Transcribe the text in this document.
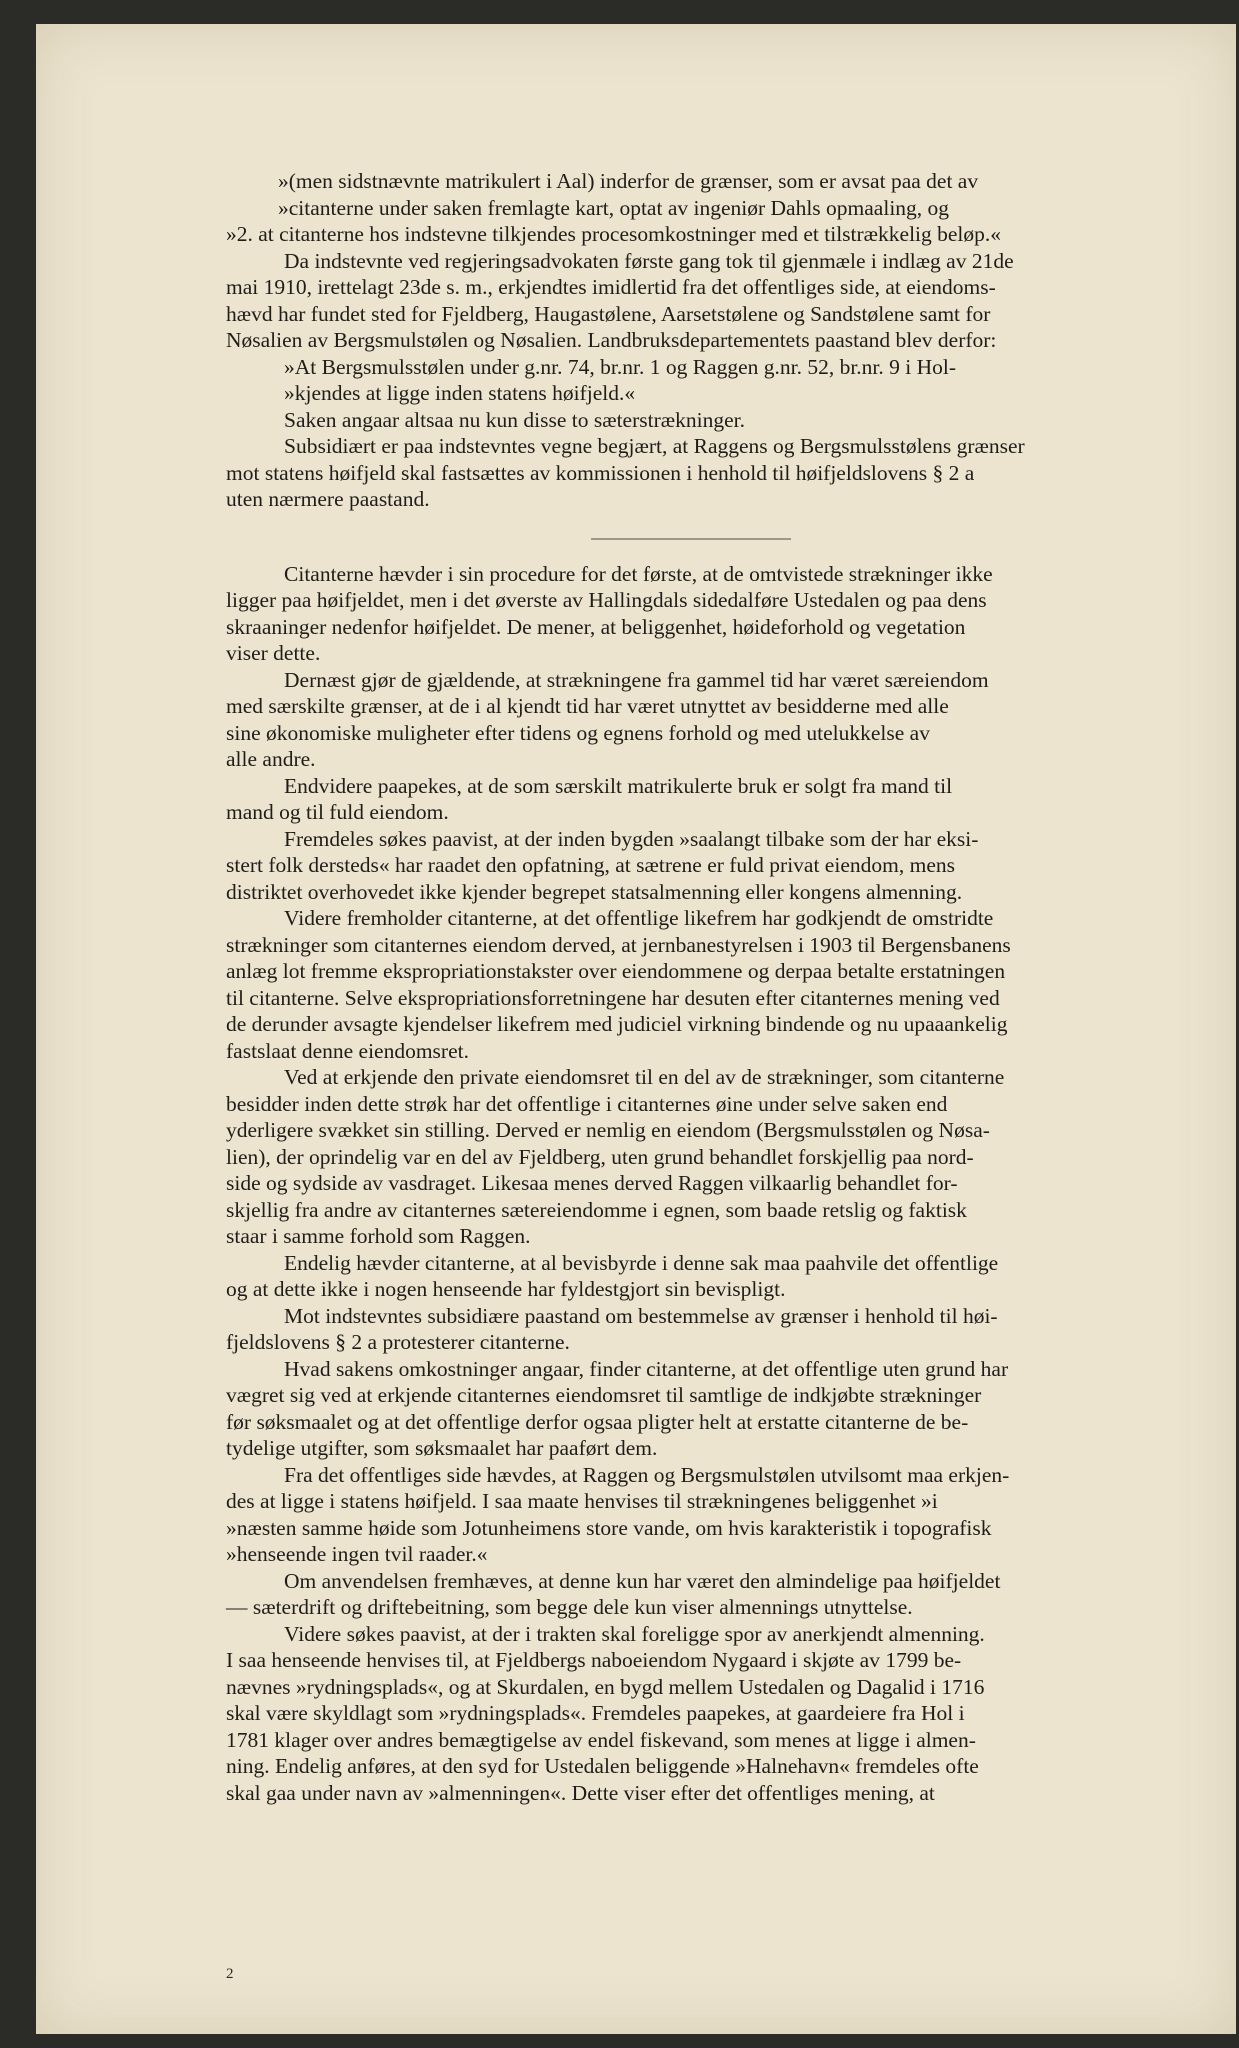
»(men sidstnævnte matrikulert i Aal) inderfor de grænser, som er avsat paa det av
»citanterne under saken fremlagte kart, optat av ingeniør Dahls opmaaling, og
»2. at citanterne hos indstevne tilkjendes procesomkostninger med et tilstrækkelig beløp.«
Da indstevnte ved regjeringsadvokaten første gang tok til gjenmæle i indlæg av 21de
mai 1910, irettelagt 23de s. m., erkjendtes imidlertid fra det offentliges side, at eiendoms-
hævd har fundet sted for Fjeldberg, Haugastølene, Aarsetstølene og Sandstølene samt for
Nøsalien av Bergsmulstølen og Nøsalien. Landbruksdepartementets paastand blev derfor:
»At Bergsmulsstølen under g.nr. 74, br.nr. 1 og Raggen g.nr. 52, br.nr. 9 i Hol-
»kjendes at ligge inden statens høifjeld.«
Saken angaar altsaa nu kun disse to sæterstrækninger.
Subsidiært er paa indstevntes vegne begjært, at Raggens og Bergsmulsstølens grænser
mot statens høifjeld skal fastsættes av kommissionen i henhold til høifjeldslovens § 2 a
uten nærmere paastand.
Citanterne hævder i sin procedure for det første, at de omtvistede strækninger ikke
ligger paa høifjeldet, men i det øverste av Hallingdals sidedalføre Ustedalen og paa dens
skraaninger nedenfor høifjeldet. De mener, at beliggenhet, høideforhold og vegetation
viser dette.
Dernæst gjør de gjældende, at strækningene fra gammel tid har været særeiendom
med særskilte grænser, at de i al kjendt tid har været utnyttet av besidderne med alle
sine økonomiske muligheter efter tidens og egnens forhold og med utelukkelse av
alle andre.
Endvidere paapekes, at de som særskilt matrikulerte bruk er solgt fra mand til
mand og til fuld eiendom.
Fremdeles søkes paavist, at der inden bygden »saalangt tilbake som der har eksi-
stert folk dersteds« har raadet den opfatning, at sætrene er fuld privat eiendom, mens
distriktet overhovedet ikke kjender begrepet statsalmenning eller kongens almenning.
Videre fremholder citanterne, at det offentlige likefrem har godkjendt de omstridte
strækninger som citanternes eiendom derved, at jernbanestyrelsen i 1903 til Bergensbanens
anlæg lot fremme ekspropriationstakster over eiendommene og derpaa betalte erstatningen
til citanterne. Selve ekspropriationsforretningene har desuten efter citanternes mening ved
de derunder avsagte kjendelser likefrem med judiciel virkning bindende og nu upaaankelig
fastslaat denne eiendomsret.
Ved at erkjende den private eiendomsret til en del av de strækninger, som citanterne
besidder inden dette strøk har det offentlige i citanternes øine under selve saken end
yderligere svækket sin stilling. Derved er nemlig en eiendom (Bergsmulsstølen og Nøsa-
lien), der oprindelig var en del av Fjeldberg, uten grund behandlet forskjellig paa nord-
side og sydside av vasdraget. Likesaa menes derved Raggen vilkaarlig behandlet for-
skjellig fra andre av citanternes sætereiendomme i egnen, som baade retslig og faktisk
staar i samme forhold som Raggen.
Endelig hævder citanterne, at al bevisbyrde i denne sak maa paahvile det offentlige
og at dette ikke i nogen henseende har fyldestgjort sin bevispligt.
Mot indstevntes subsidiære paastand om bestemmelse av grænser i henhold til høi-
fjeldslovens § 2 a protesterer citanterne.
Hvad sakens omkostninger angaar, finder citanterne, at det offentlige uten grund har
vægret sig ved at erkjende citanternes eiendomsret til samtlige de indkjøbte strækninger
før søksmaalet og at det offentlige derfor ogsaa pligter helt at erstatte citanterne de be-
tydelige utgifter, som søksmaalet har paaført dem.
Fra det offentliges side hævdes, at Raggen og Bergsmulstølen utvilsomt maa erkjen-
des at ligge i statens høifjeld. I saa maate henvises til strækningenes beliggenhet »i
»næsten samme høide som Jotunheimens store vande, om hvis karakteristik i topografisk
»henseende ingen tvil raader.«
Om anvendelsen fremhæves, at denne kun har været den almindelige paa høifjeldet
— sæterdrift og driftebeitning, som begge dele kun viser almennings utnyttelse.
Videre søkes paavist, at der i trakten skal foreligge spor av anerkjendt almenning.
I saa henseende henvises til, at Fjeldbergs naboeiendom Nygaard i skjøte av 1799 be-
nævnes »rydningsplads«, og at Skurdalen, en bygd mellem Ustedalen og Dagalid i 1716
skal være skyldlagt som »rydningsplads«. Fremdeles paapekes, at gaardeiere fra Hol i
1781 klager over andres bemægtigelse av endel fiskevand, som menes at ligge i almen-
ning. Endelig anføres, at den syd for Ustedalen beliggende »Halnehavn« fremdeles ofte
skal gaa under navn av »almenningen«. Dette viser efter det offentliges mening, at
2
